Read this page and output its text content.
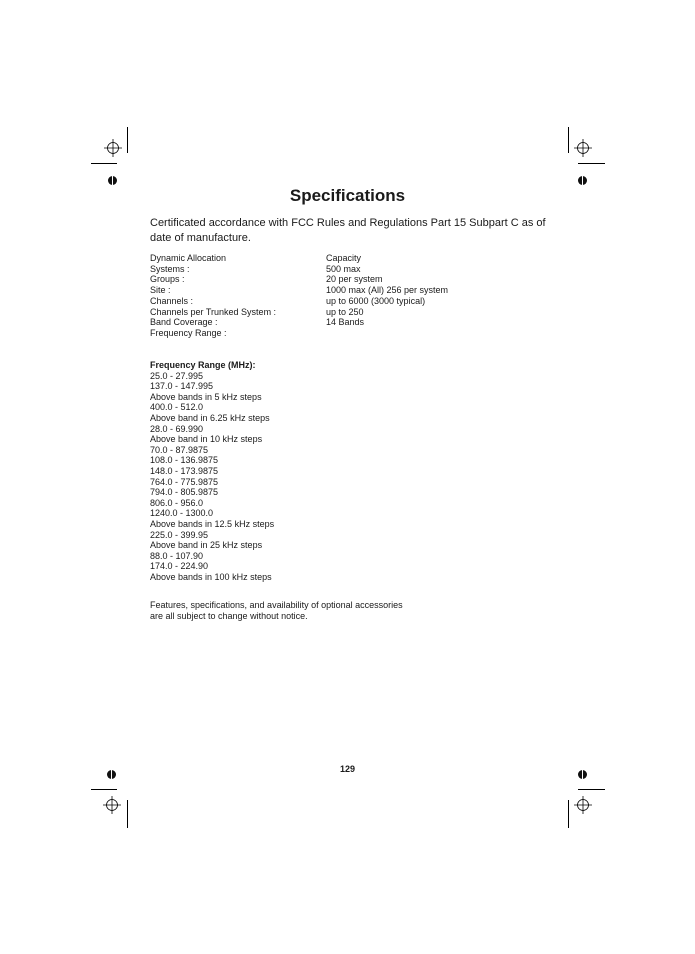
Specifications

Certificated accordance with FCC Rules and Regulations Part 15 Subpart C as of date of manufacture.

Dynamic Allocation	Capacity
Systems :	500 max
Groups :	20 per system
Site :	1000 max (All) 256 per system
Channels :	up to 6000 (3000 typical)
Channels per Trunked System :	up to 250
Band Coverage :	14 Bands
Frequency Range :
Frequency Range (MHz):
25.0 - 27.995
137.0 - 147.995
Above bands in 5 kHz steps
400.0 - 512.0
Above band in 6.25 kHz steps
28.0 - 69.990
Above band in 10 kHz steps
70.0 - 87.9875
108.0 - 136.9875
148.0 - 173.9875
764.0 - 775.9875
794.0 - 805.9875
806.0 - 956.0
1240.0 - 1300.0
Above bands in 12.5 kHz steps
225.0 - 399.95
Above band in 25 kHz steps
88.0 - 107.90
174.0 - 224.90
Above bands in 100 kHz steps

Features, specifications, and availability of optional accessories are all subject to change without notice.

129
